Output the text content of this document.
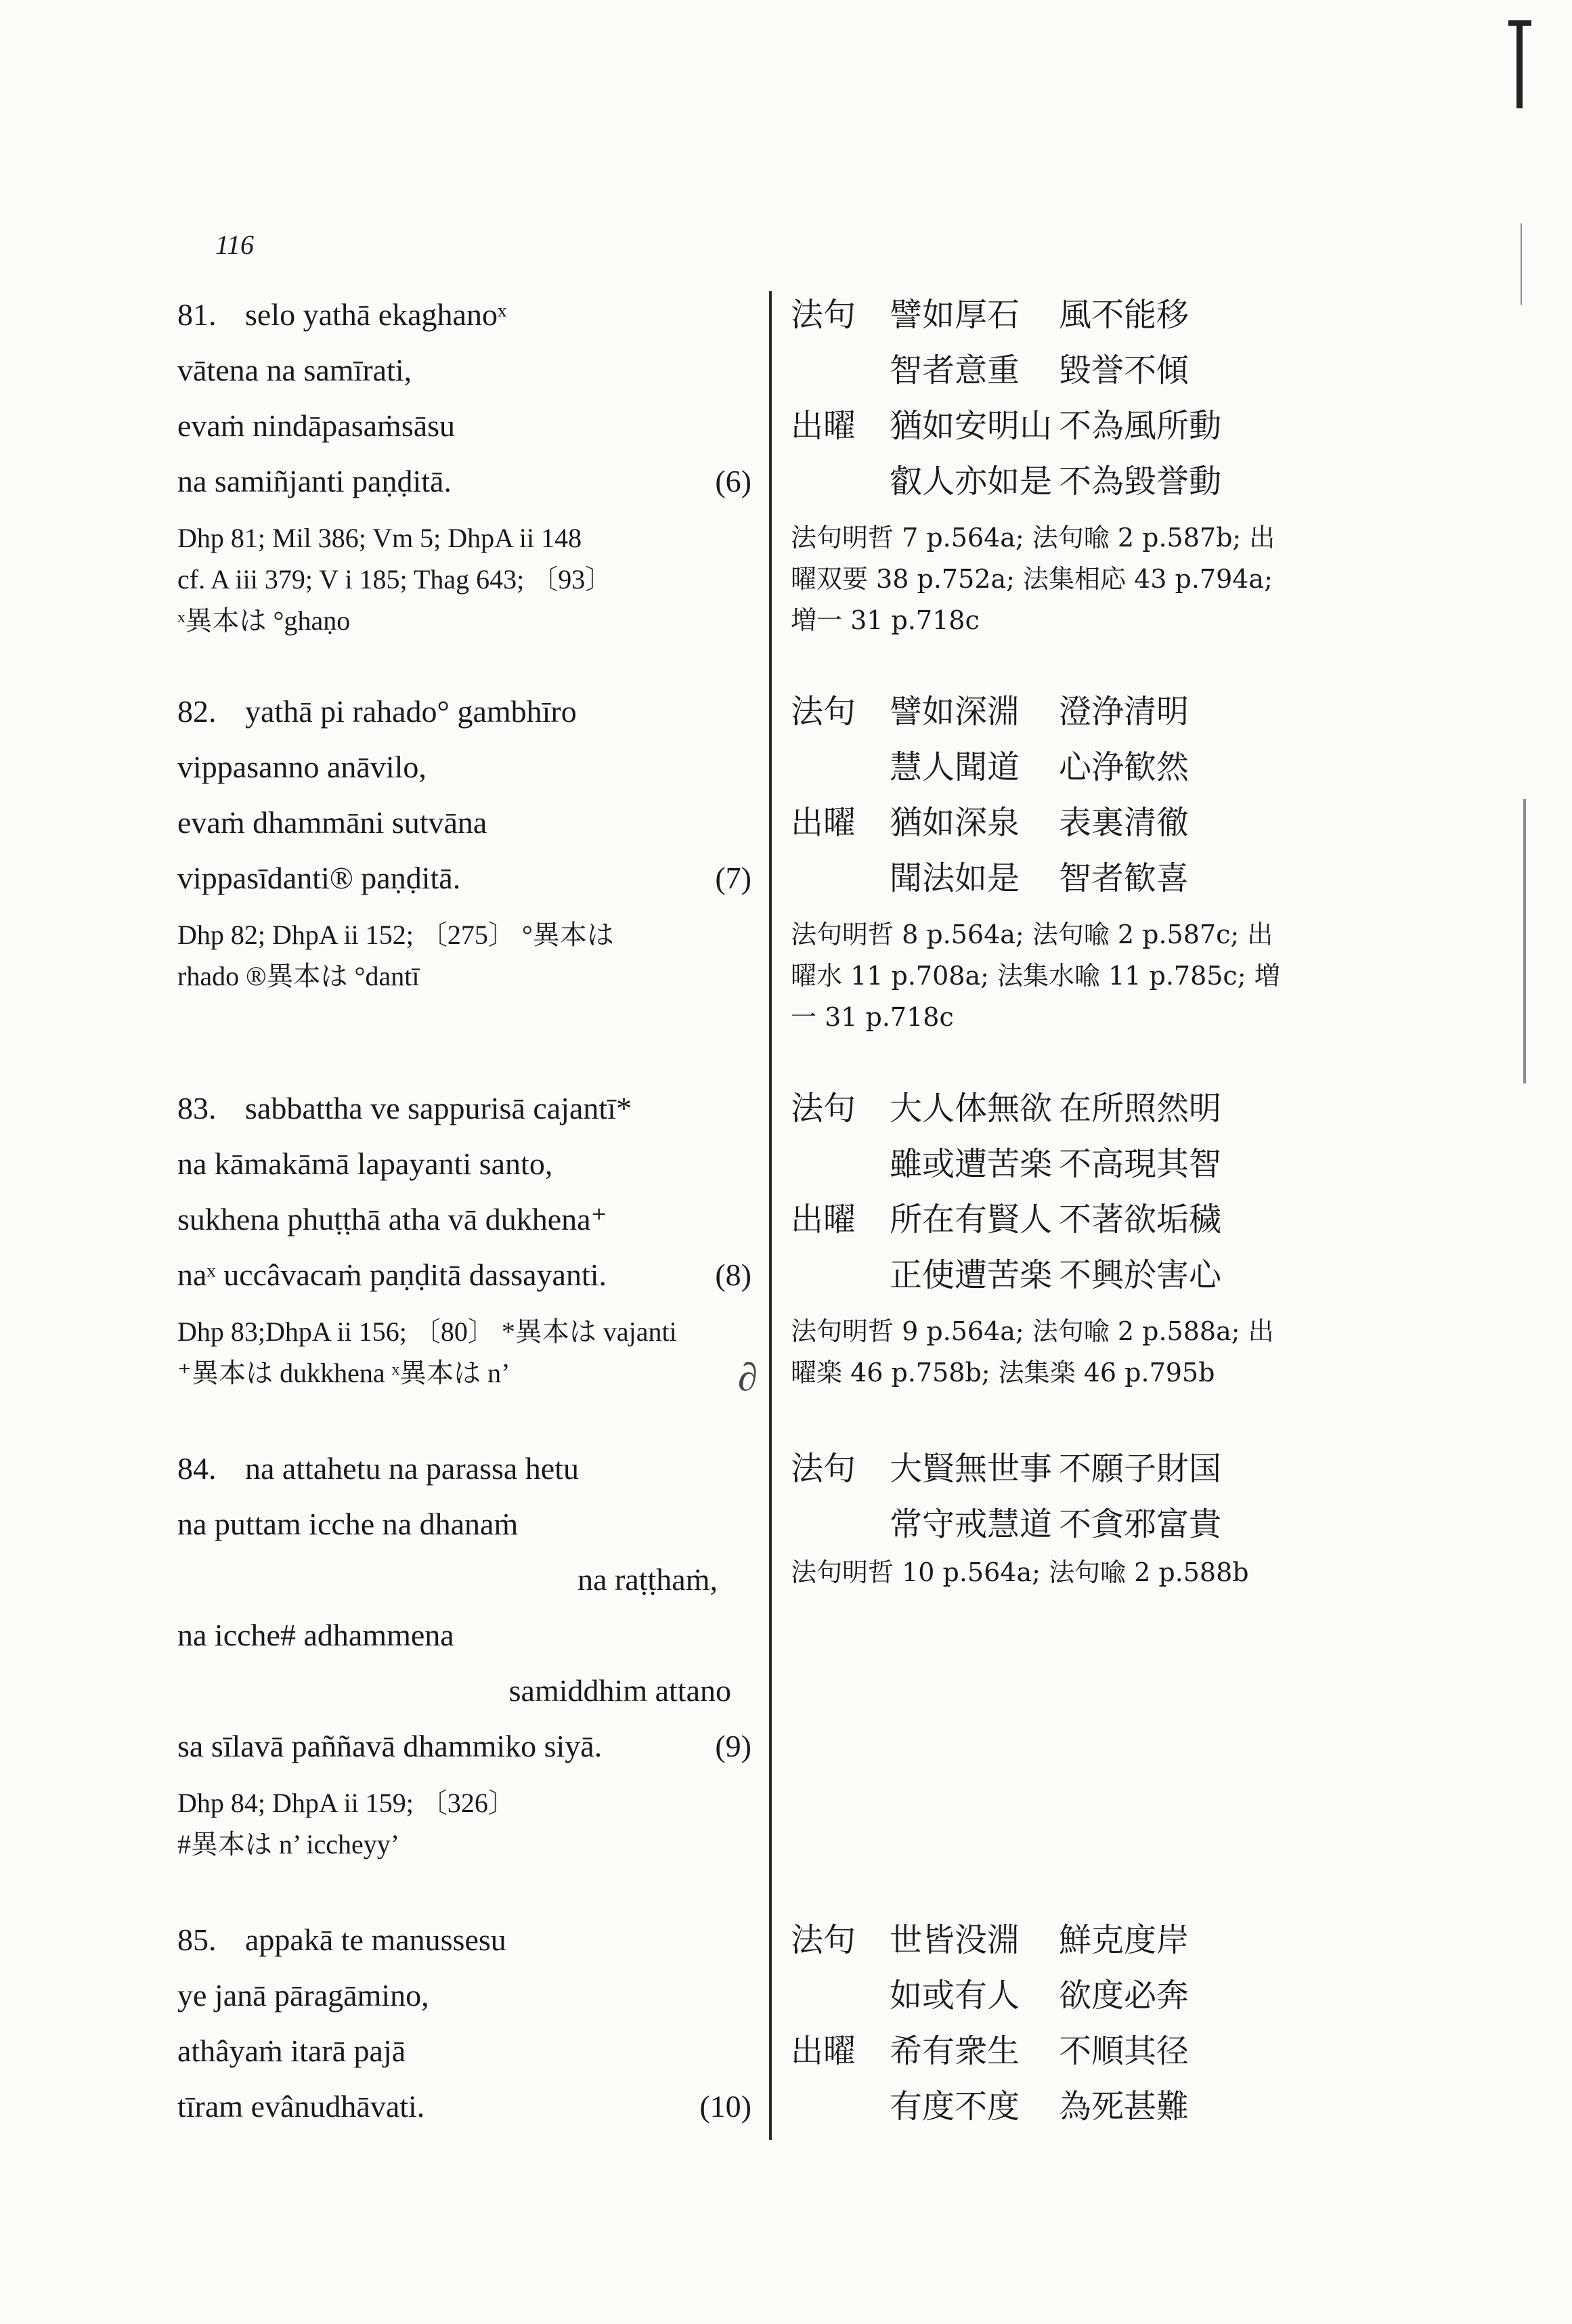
116
∂
81. selo yathā ekaghanoˣ
vātena na samīrati,
evaṁ nindāpasaṁsāsu
na samiñjanti paṇḍitā.	(6)
Dhp 81; Mil 386; Vm 5; DhpA ii 148
cf. A iii 379; V i 185; Thag 643; 〔93〕
ˣ異本は °ghaṇo
法句 譬如厚石 風不能移
智者意重 毀誉不傾
出曜 猶如安明山 不為風所動
叡人亦如是 不為毀誉動
法句明哲 7 p.564a; 法句喩 2 p.587b; 出
曜双要 38 p.752a; 法集相応 43 p.794a;
増一 31 p.718c
82. yathā pi rahado° gambhīro
vippasanno anāvilo,
evaṁ dhammāni sutvāna
vippasīdanti® paṇḍitā.	(7)
Dhp 82; DhpA ii 152; 〔275〕 °異本は
rhado ®異本は °dantī
法句 譬如深淵 澄浄清明
慧人聞道 心浄歓然
出曜 猶如深泉 表裏清徹
聞法如是 智者歓喜
法句明哲 8 p.564a; 法句喩 2 p.587c; 出
曜水 11 p.708a; 法集水喩 11 p.785c; 増
一 31 p.718c
83. sabbattha ve sappurisā cajantī*
na kāmakāmā lapayanti santo,
sukhena phuṭṭhā atha vā dukhena⁺
naˣ uccâvacaṁ paṇḍitā dassayanti.	(8)
Dhp 83;DhpA ii 156; 〔80〕 *異本は vajanti
⁺異本は dukkhena ˣ異本は n’
法句 大人体無欲 在所照然明
雖或遭苦楽 不高現其智
出曜 所在有賢人 不著欲垢穢
正使遭苦楽 不興於害心
法句明哲 9 p.564a; 法句喩 2 p.588a; 出
曜楽 46 p.758b; 法集楽 46 p.795b
84. na attahetu na parassa hetu
na puttam icche na dhanaṁ
na raṭṭhaṁ,
na icche# adhammena
samiddhim attano
sa sīlavā paññavā dhammiko siyā.	(9)
Dhp 84; DhpA ii 159; 〔326〕
#異本は n’ iccheyy’
法句 大賢無世事 不願子財国
常守戒慧道 不貪邪富貴
法句明哲 10 p.564a; 法句喩 2 p.588b
85. appakā te manussesu
ye janā pāragāmino,
athâyaṁ itarā pajā
tīram evânudhāvati.	(10)
法句 世皆没淵 鮮克度岸
如或有人 欲度必奔
出曜 希有衆生 不順其径
有度不度 為死甚難
